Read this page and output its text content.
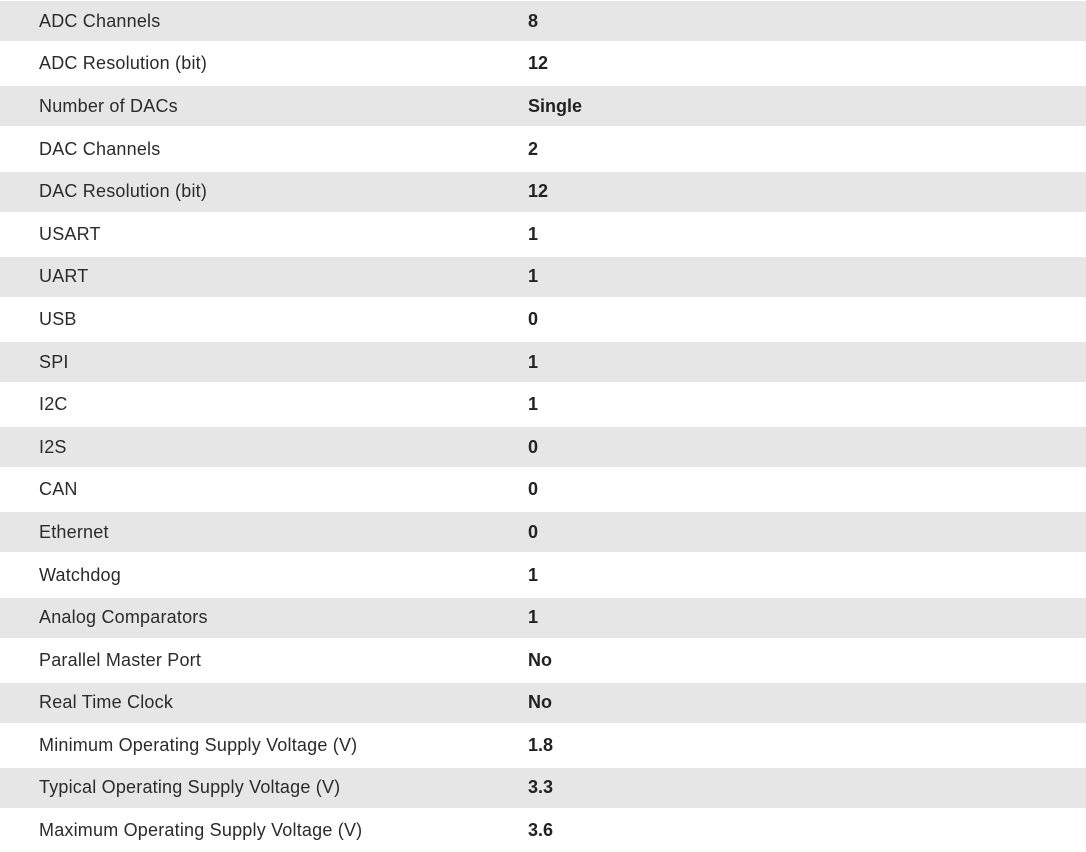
ADC Channels	8
ADC Resolution (bit)	12
Number of DACs	Single
DAC Channels	2
DAC Resolution (bit)	12
USART	1
UART	1
USB	0
SPI	1
I2C	1
I2S	0
CAN	0
Ethernet	0
Watchdog	1
Analog Comparators	1
Parallel Master Port	No
Real Time Clock	No
Minimum Operating Supply Voltage (V)	1.8
Typical Operating Supply Voltage (V)	3.3
Maximum Operating Supply Voltage (V)	3.6
